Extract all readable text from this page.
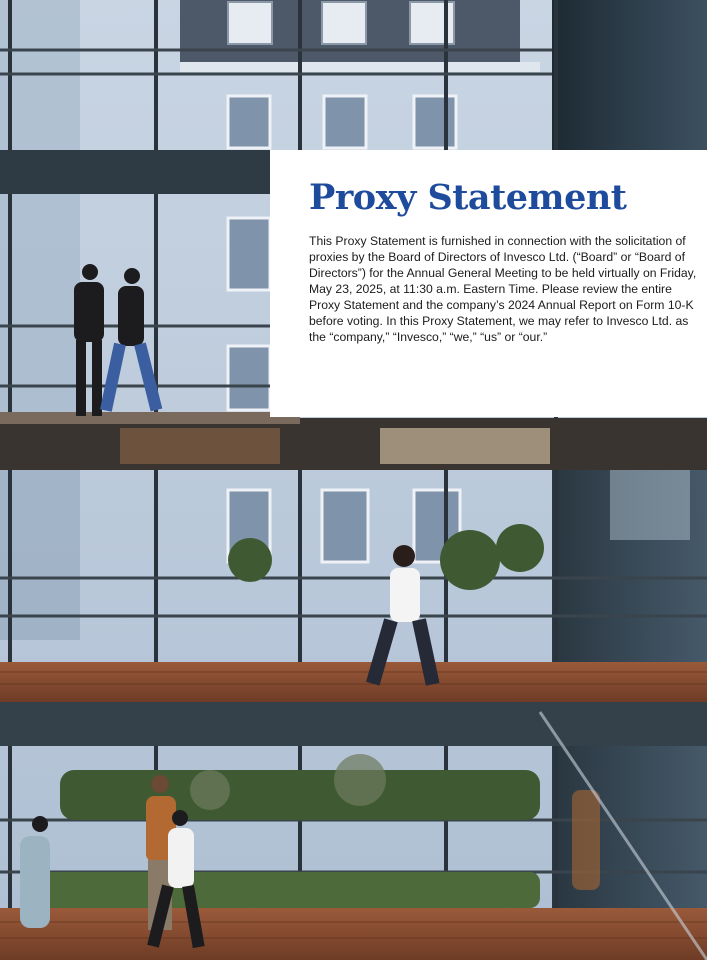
Proxy Statement

This Proxy Statement is furnished in connection with the solicitation of proxies by the Board of Directors of Invesco Ltd. (“Board” or “Board of Directors”) for the Annual General Meeting to be held virtually on Friday, May 23, 2025, at 11:30 a.m. Eastern Time. Please review the entire Proxy Statement and the company’s 2024 Annual Report on Form 10-K before voting. In this Proxy Statement, we may refer to Invesco Ltd. as the “company,” “Invesco,” “we,” “us” or “our.”
